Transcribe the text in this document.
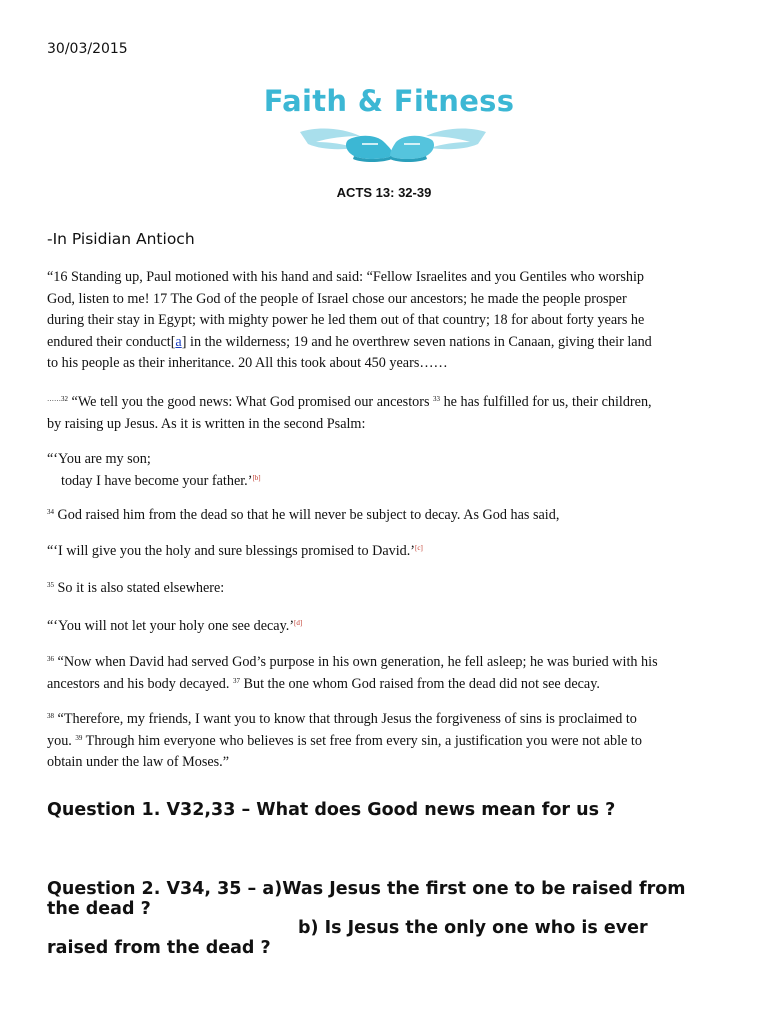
30/03/2015
Faith & Fitness
ACTS 13: 32-39
-In Pisidian Antioch
“16 Standing up, Paul motioned with his hand and said: “Fellow Israelites and you Gentiles who worship
God, listen to me! 17 The God of the people of Israel chose our ancestors; he made the people prosper
during their stay in Egypt; with mighty power he led them out of that country; 18 for about forty years he
endured their conduct[a] in the wilderness; 19 and he overthrew seven nations in Canaan, giving their land
to his people as their inheritance. 20 All this took about 450 years……
$^{\dots\dots 32}$ “We tell you the good news: What God promised our ancestors $^{33}$ he has fulfilled for us, their children,
by raising up Jesus. As it is written in the second Psalm:
“‘You are my son;
today I have become your father.’[b]
$^{34}$ God raised him from the dead so that he will never be subject to decay. As God has said,
“‘I will give you the holy and sure blessings promised to David.’[c]
$^{35}$ So it is also stated elsewhere:
“‘You will not let your holy one see decay.’[d]
$^{36}$ “Now when David had served God’s purpose in his own generation, he fell asleep; he was buried with his
ancestors and his body decayed. $^{37}$ But the one whom God raised from the dead did not see decay.
$^{38}$ “Therefore, my friends, I want you to know that through Jesus the forgiveness of sins is proclaimed to
you. $^{39}$ Through him everyone who believes is set free from every sin, a justification you were not able to
obtain under the law of Moses.”
Question 1. V32,33 – What does Good news mean for us ?
Question 2. V34, 35 – a)Was Jesus the first one to be raised from
the dead ?
b) Is Jesus the only one who is ever
raised from the dead ?
